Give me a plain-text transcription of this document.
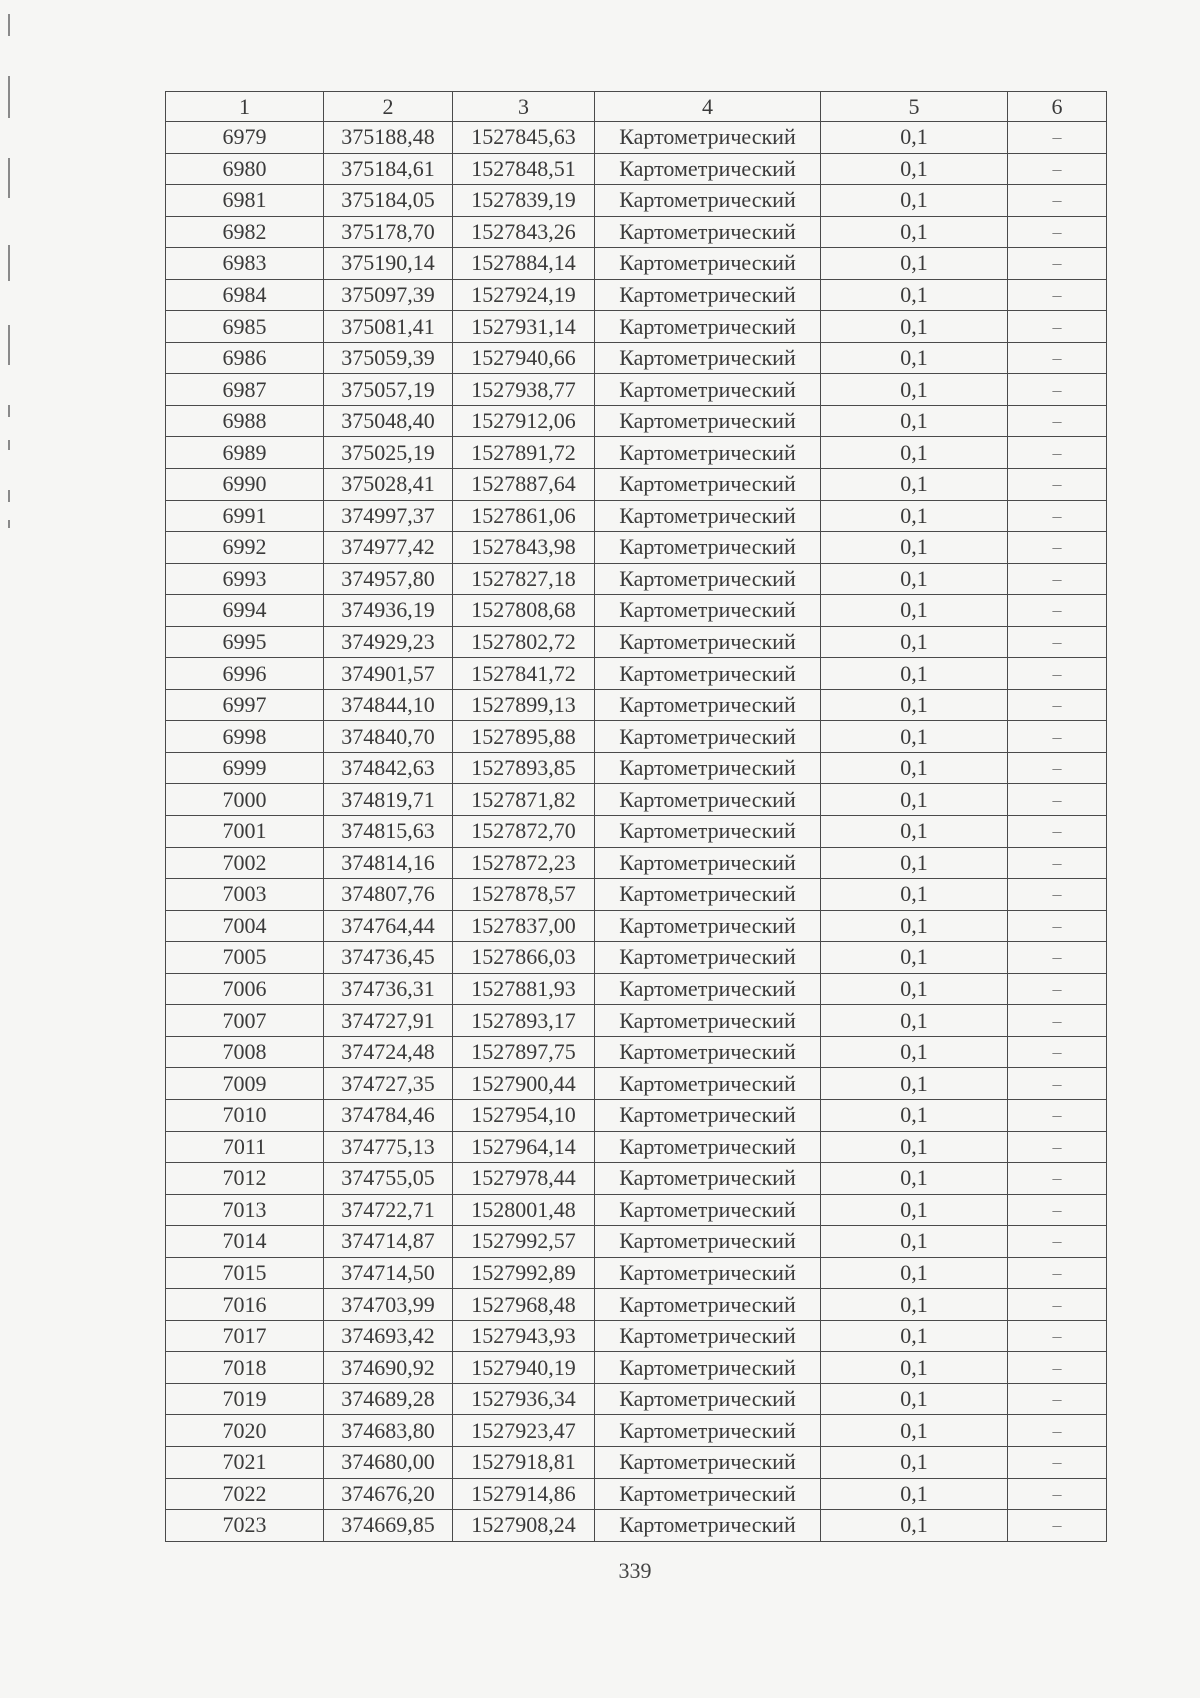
1	2	3	4	5	6
6979	375188,48	1527845,63	Картометрический	0,1	–
6980	375184,61	1527848,51	Картометрический	0,1	–
6981	375184,05	1527839,19	Картометрический	0,1	–
6982	375178,70	1527843,26	Картометрический	0,1	–
6983	375190,14	1527884,14	Картометрический	0,1	–
6984	375097,39	1527924,19	Картометрический	0,1	–
6985	375081,41	1527931,14	Картометрический	0,1	–
6986	375059,39	1527940,66	Картометрический	0,1	–
6987	375057,19	1527938,77	Картометрический	0,1	–
6988	375048,40	1527912,06	Картометрический	0,1	–
6989	375025,19	1527891,72	Картометрический	0,1	–
6990	375028,41	1527887,64	Картометрический	0,1	–
6991	374997,37	1527861,06	Картометрический	0,1	–
6992	374977,42	1527843,98	Картометрический	0,1	–
6993	374957,80	1527827,18	Картометрический	0,1	–
6994	374936,19	1527808,68	Картометрический	0,1	–
6995	374929,23	1527802,72	Картометрический	0,1	–
6996	374901,57	1527841,72	Картометрический	0,1	–
6997	374844,10	1527899,13	Картометрический	0,1	–
6998	374840,70	1527895,88	Картометрический	0,1	–
6999	374842,63	1527893,85	Картометрический	0,1	–
7000	374819,71	1527871,82	Картометрический	0,1	–
7001	374815,63	1527872,70	Картометрический	0,1	–
7002	374814,16	1527872,23	Картометрический	0,1	–
7003	374807,76	1527878,57	Картометрический	0,1	–
7004	374764,44	1527837,00	Картометрический	0,1	–
7005	374736,45	1527866,03	Картометрический	0,1	–
7006	374736,31	1527881,93	Картометрический	0,1	–
7007	374727,91	1527893,17	Картометрический	0,1	–
7008	374724,48	1527897,75	Картометрический	0,1	–
7009	374727,35	1527900,44	Картометрический	0,1	–
7010	374784,46	1527954,10	Картометрический	0,1	–
7011	374775,13	1527964,14	Картометрический	0,1	–
7012	374755,05	1527978,44	Картометрический	0,1	–
7013	374722,71	1528001,48	Картометрический	0,1	–
7014	374714,87	1527992,57	Картометрический	0,1	–
7015	374714,50	1527992,89	Картометрический	0,1	–
7016	374703,99	1527968,48	Картометрический	0,1	–
7017	374693,42	1527943,93	Картометрический	0,1	–
7018	374690,92	1527940,19	Картометрический	0,1	–
7019	374689,28	1527936,34	Картометрический	0,1	–
7020	374683,80	1527923,47	Картометрический	0,1	–
7021	374680,00	1527918,81	Картометрический	0,1	–
7022	374676,20	1527914,86	Картометрический	0,1	–
7023	374669,85	1527908,24	Картометрический	0,1	–
339
